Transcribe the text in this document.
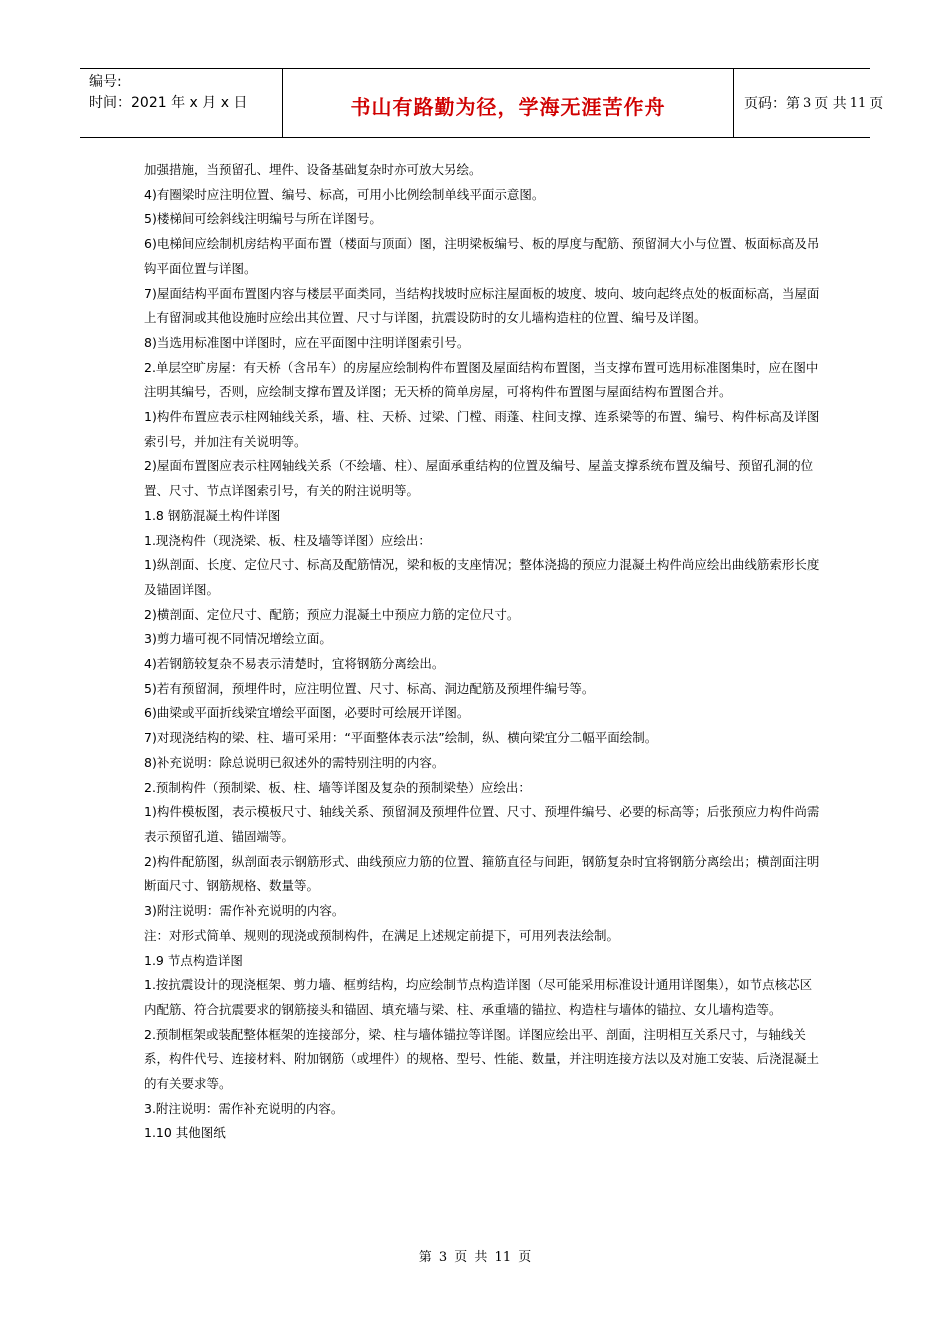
编号:
时间：2021 年 x 月 x 日	书山有路勤为径，学海无涯苦作舟	页码：第 3 页 共 11 页

加强措施，当预留孔、埋件、设备基础复杂时亦可放大另绘。

4)有圈梁时应注明位置、编号、标高，可用小比例绘制单线平面示意图。

5)楼梯间可绘斜线注明编号与所在详图号。

6)电梯间应绘制机房结构平面布置（楼面与顶面）图，注明梁板编号、板的厚度与配筋、预留洞大小与位置、板面标高及吊钩平面位置与详图。

7)屋面结构平面布置图内容与楼层平面类同，当结构找坡时应标注屋面板的坡度、坡向、坡向起终点处的板面标高，当屋面上有留洞或其他设施时应绘出其位置、尺寸与详图，抗震设防时的女儿墙构造柱的位置、编号及详图。

8)当选用标准图中详图时，应在平面图中注明详图索引号。

2.单层空旷房屋：有天桥（含吊车）的房屋应绘制构件布置图及屋面结构布置图，当支撑布置可选用标准图集时，应在图中注明其编号，否则，应绘制支撑布置及详图；无天桥的简单房屋，可将构件布置图与屋面结构布置图合并。

1)构件布置应表示柱网轴线关系，墙、柱、天桥、过梁、门樘、雨蓬、柱间支撑、连系梁等的布置、编号、构件标高及详图索引号，并加注有关说明等。

2)屋面布置图应表示柱网轴线关系（不绘墙、柱）、屋面承重结构的位置及编号、屋盖支撑系统布置及编号、预留孔洞的位置、尺寸、节点详图索引号，有关的附注说明等。

1.8 钢筋混凝土构件详图

1.现浇构件（现浇梁、板、柱及墙等详图）应绘出：

1)纵剖面、长度、定位尺寸、标高及配筋情况，梁和板的支座情况；整体浇捣的预应力混凝土构件尚应绘出曲线筋索形长度及锚固详图。

2)横剖面、定位尺寸、配筋；预应力混凝土中预应力筋的定位尺寸。

3)剪力墙可视不同情况增绘立面。

4)若钢筋较复杂不易表示清楚时，宜将钢筋分离绘出。

5)若有预留洞，预埋件时，应注明位置、尺寸、标高、洞边配筋及预埋件编号等。

6)曲梁或平面折线梁宜增绘平面图，必要时可绘展开详图。

7)对现浇结构的梁、柱、墙可采用：“平面整体表示法”绘制，纵、横向梁宜分二幅平面绘制。

8)补充说明：除总说明已叙述外的需特别注明的内容。

2.预制构件（预制梁、板、柱、墙等详图及复杂的预制梁垫）应绘出：

1)构件模板图，表示模板尺寸、轴线关系、预留洞及预埋件位置、尺寸、预埋件编号、必要的标高等；后张预应力构件尚需表示预留孔道、锚固端等。

2)构件配筋图，纵剖面表示钢筋形式、曲线预应力筋的位置、箍筋直径与间距，钢筋复杂时宜将钢筋分离绘出；横剖面注明断面尺寸、钢筋规格、数量等。

3)附注说明：需作补充说明的内容。

注：对形式简单、规则的现浇或预制构件，在满足上述规定前提下，可用列表法绘制。

1.9 节点构造详图

1.按抗震设计的现浇框架、剪力墙、框剪结构，均应绘制节点构造详图（尽可能采用标准设计通用详图集），如节点核芯区内配筋、符合抗震要求的钢筋接头和锚固、填充墙与梁、柱、承重墙的锚拉、构造柱与墙体的锚拉、女儿墙构造等。

2.预制框架或装配整体框架的连接部分，梁、柱与墙体锚拉等详图。详图应绘出平、剖面，注明相互关系尺寸，与轴线关系，构件代号、连接材料、附加钢筋（或埋件）的规格、型号、性能、数量，并注明连接方法以及对施工安装、后浇混凝土的有关要求等。

3.附注说明：需作补充说明的内容。

1.10 其他图纸

第 3 页 共 11 页
